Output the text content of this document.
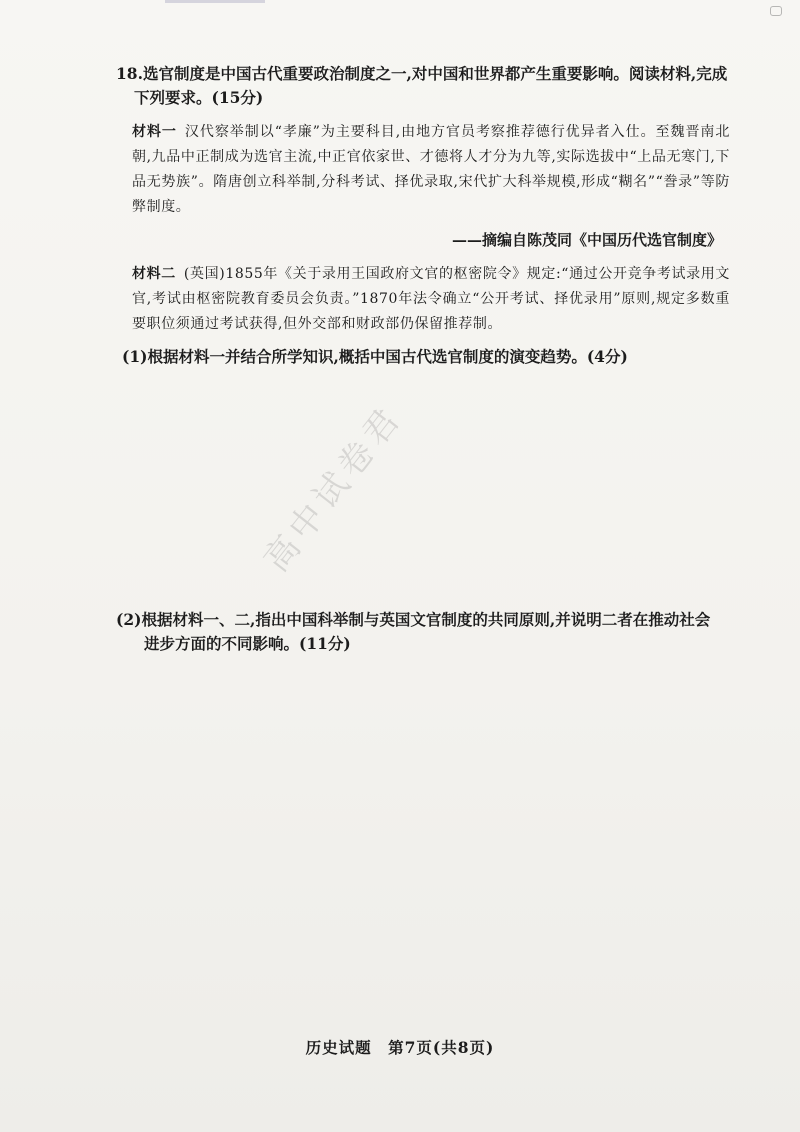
18.选官制度是中国古代重要政治制度之一,对中国和世界都产生重要影响。阅读材料,完成
下列要求。(15分)
材料一 汉代察举制以“孝廉”为主要科目,由地方官员考察推荐德行优异者入仕。至魏晋南北朝,九品中正制成为选官主流,中正官依家世、才德将人才分为九等,实际选拔中“上品无寒门,下品无势族”。隋唐创立科举制,分科考试、择优录取,宋代扩大科举规模,形成“糊名”“誊录”等防弊制度。
——摘编自陈茂同《中国历代选官制度》
材料二 (英国)1855年《关于录用王国政府文官的枢密院令》规定:“通过公开竞争考试录用文官,考试由枢密院教育委员会负责。”1870年法令确立“公开考试、择优录用”原则,规定多数重要职位须通过考试获得,但外交部和财政部仍保留推荐制。
(1)根据材料一并结合所学知识,概括中国古代选官制度的演变趋势。(4分)
高中试卷君
(2)根据材料一、二,指出中国科举制与英国文官制度的共同原则,并说明二者在推动社会
进步方面的不同影响。(11分)
历史试题　第7页(共8页)
